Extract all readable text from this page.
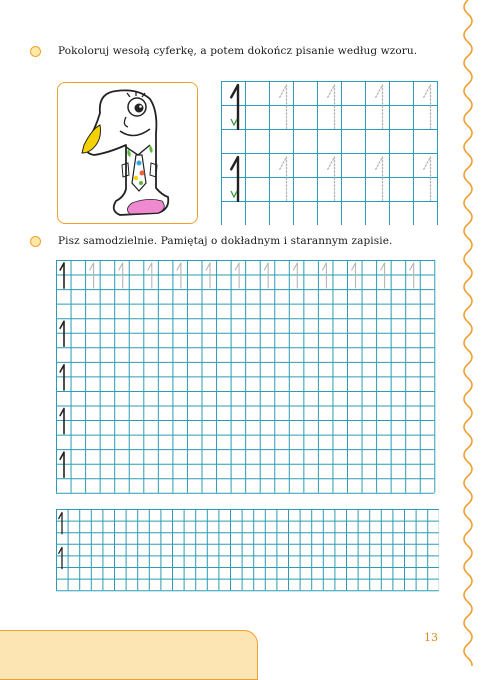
Pokoloruj wesołą cyferkę, a potem dokończ pisanie według wzoru.
Pisz samodzielnie. Pamiętaj o dokładnym i starannym zapisie.
13
